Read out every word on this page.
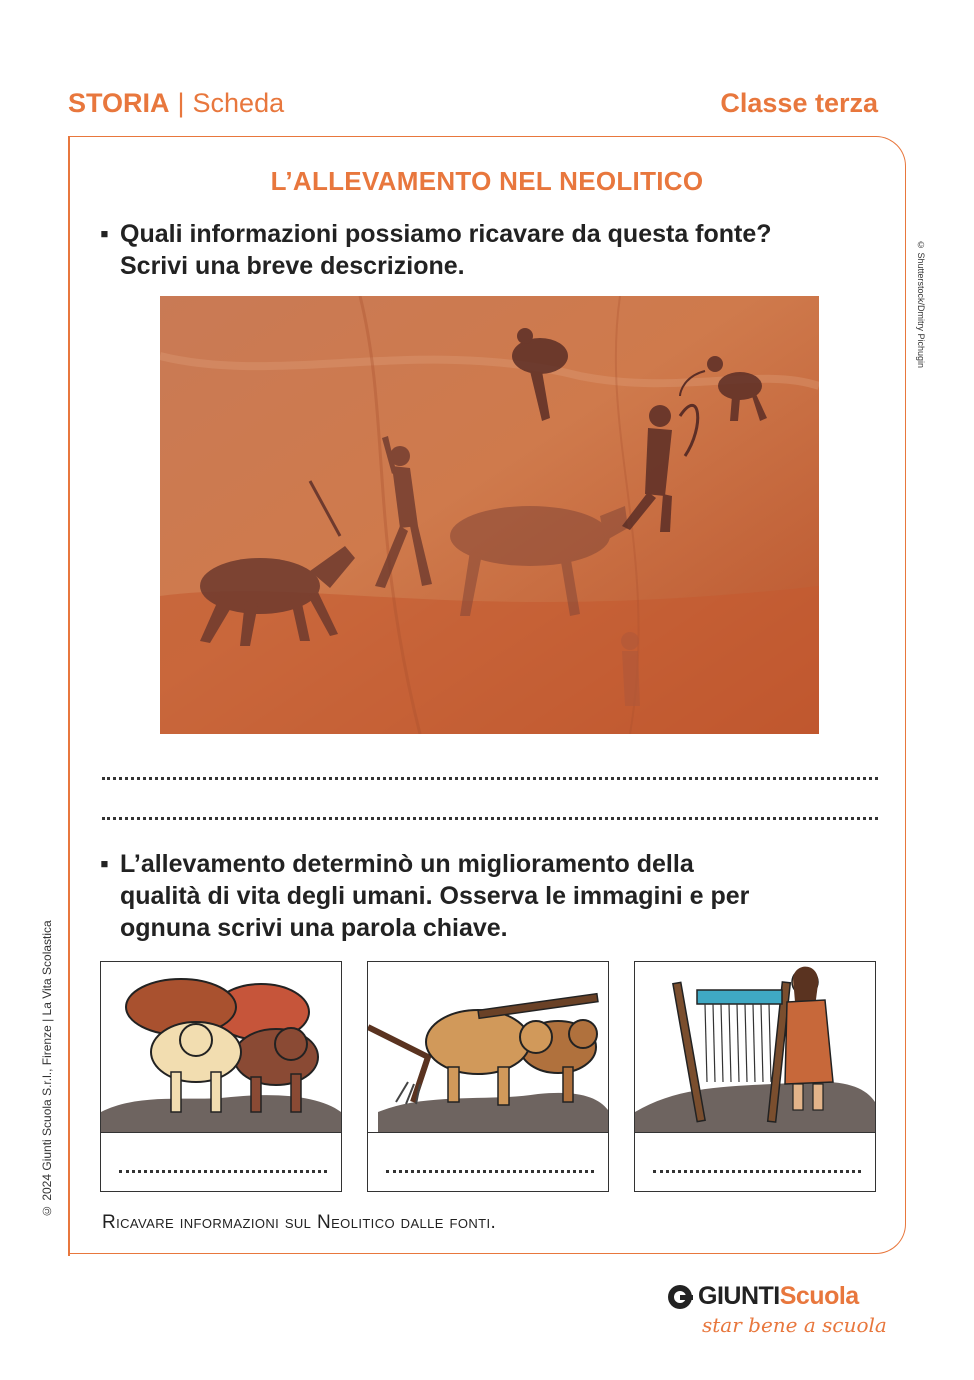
STORIA | Scheda	Classe terza
L’ALLEVAMENTO NEL NEOLITICO
▪ Quali informazioni possiamo ricavare da questa fonte?
Scrivi una breve descrizione.
▪ L’allevamento determinò un miglioramento della
qualità di vita degli umani. Osserva le immagini e per
ognuna scrivi una parola chiave.
Ricavare informazioni sul Neolitico dalle fonti.
© Shutterstock/Dmitry Pichugin
© 2024 Giunti Scuola S.r.l., Firenze | La Vita Scolastica
GIUNTI Scuola
star bene a scuola
